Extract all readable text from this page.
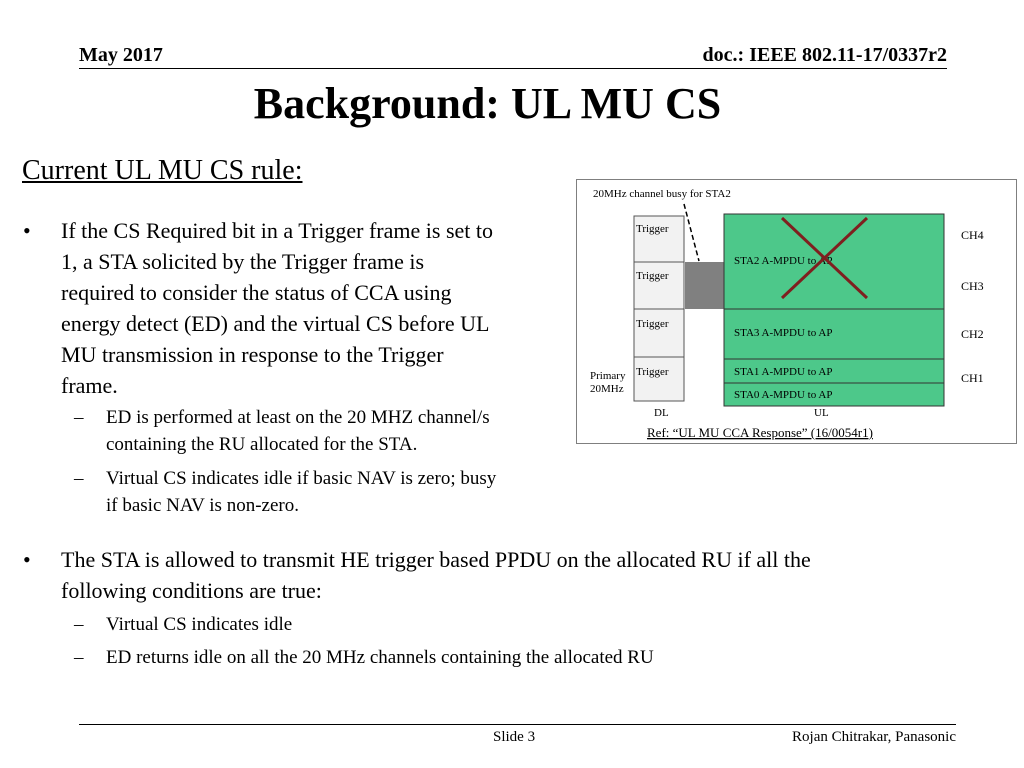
May 2017	doc.: IEEE 802.11-17/0337r2
Background: UL MU CS
Current UL MU CS rule:
• If the CS Required bit in a Trigger frame is set to
1, a STA solicited by the Trigger frame is
required to consider the status of CCA using
energy detect (ED) and the virtual CS before UL
MU transmission in response to the Trigger
frame.
– ED is performed at least on the 20 MHZ channel/s
containing the RU allocated for the STA.
– Virtual CS indicates idle if basic NAV is zero; busy
if basic NAV is non-zero.
• The STA is allowed to transmit HE trigger based PPDU on the allocated RU if all the
following conditions are true:
– Virtual CS indicates idle
– ED returns idle on all the 20 MHz channels containing the allocated RU
20MHz channel busy for STA2
Trigger
Trigger
Trigger
Trigger
STA2 A-MPDU to AP
STA3 A-MPDU to AP
STA1 A-MPDU to AP
STA0 A-MPDU to AP
CH4
CH3
CH2
CH1
Primary
20MHz
DL	UL
Ref: “UL MU CCA Response” (16/0054r1)
Slide 3	Rojan Chitrakar, Panasonic
